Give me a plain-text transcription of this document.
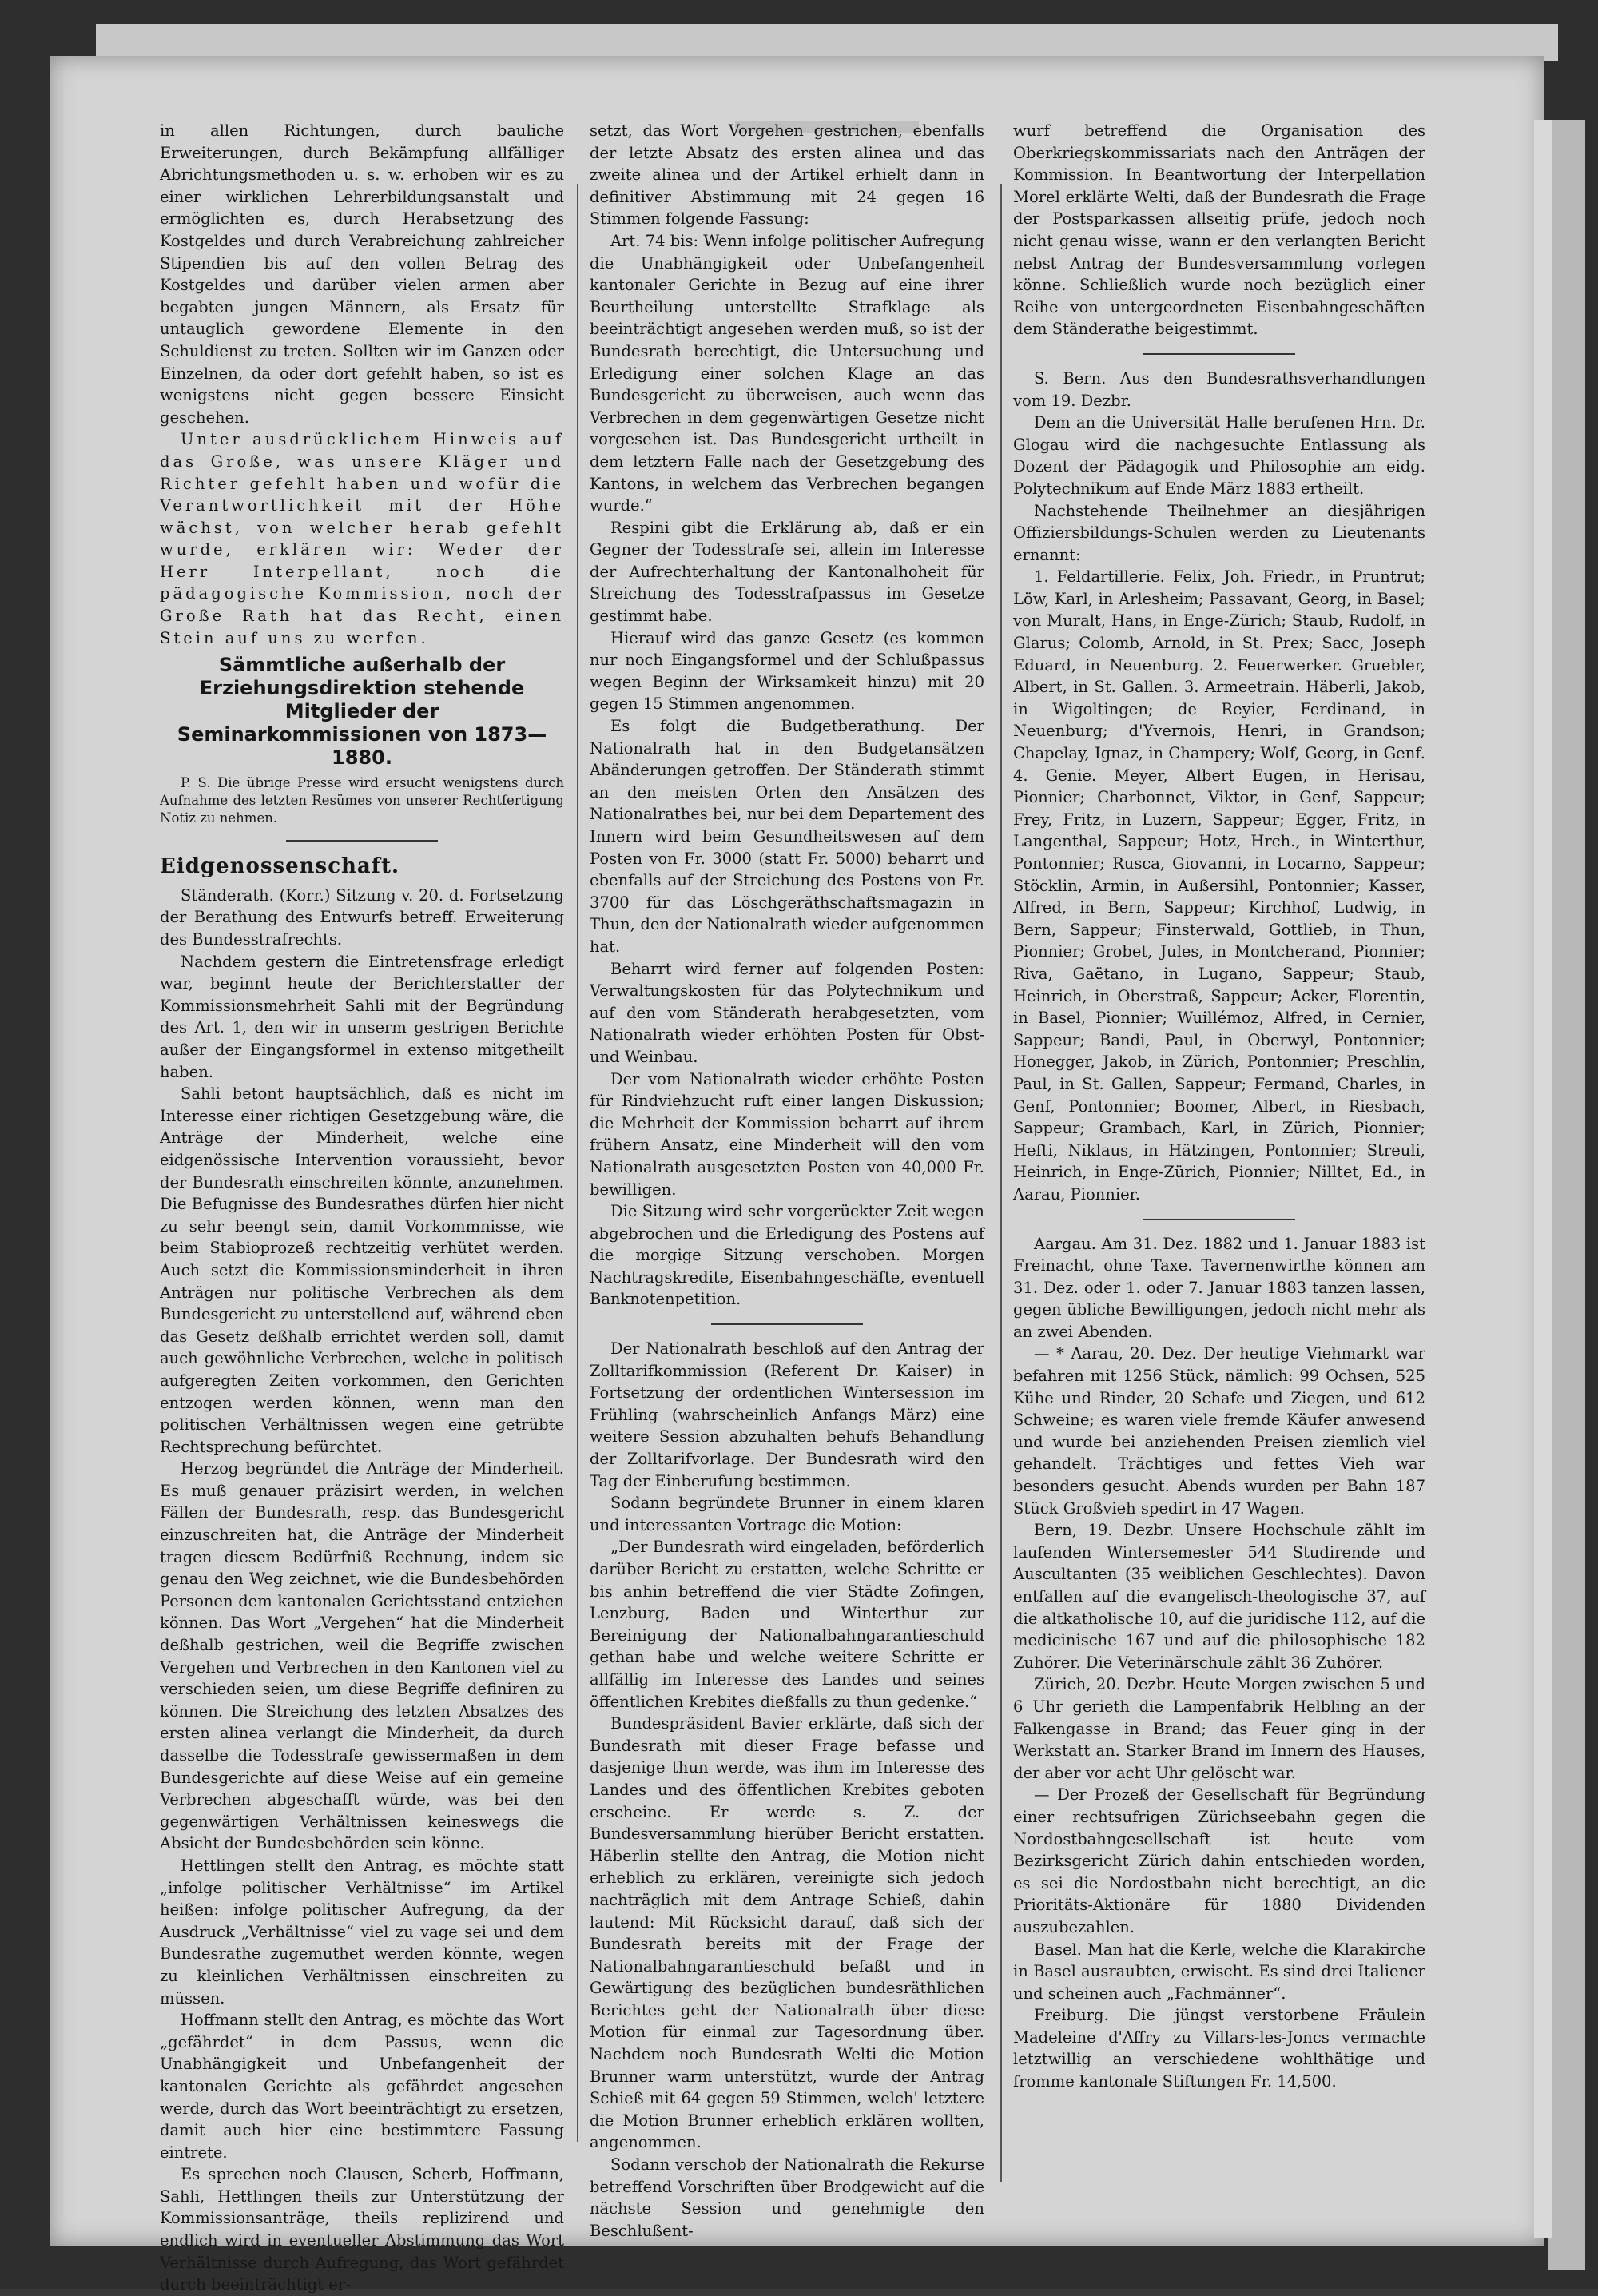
in allen Richtungen, durch bauliche Erweiterungen, durch Bekämpfung allfälliger Abrichtungsmethoden u. s. w. erhoben wir es zu einer wirklichen Lehrerbildungsanstalt und ermöglichten es, durch Herabsetzung des Kostgeldes und durch Verabreichung zahlreicher Stipendien bis auf den vollen Betrag des Kostgeldes und darüber vielen armen aber begabten jungen Männern, als Ersatz für untauglich gewordene Elemente in den Schuldienst zu treten. Sollten wir im Ganzen oder Einzelnen, da oder dort gefehlt haben, so ist es wenigstens nicht gegen bessere Einsicht geschehen.

Unter ausdrücklichem Hinweis auf das Große, was unsere Kläger und Richter gefehlt haben und wofür die Verantwortlichkeit mit der Höhe wächst, von welcher herab gefehlt wurde, erklären wir: Weder der Herr Interpellant, noch die pädagogische Kommission, noch der Große Rath hat das Recht, einen Stein auf uns zu werfen.

Sämmtliche außerhalb der Erziehungsdirektion stehende Mitglieder der Seminarkommissionen von 1873—1880.

P. S. Die übrige Presse wird ersucht wenigstens durch Aufnahme des letzten Resümes von unserer Rechtfertigung Notiz zu nehmen.

Eidgenossenschaft.

Ständerath. (Korr.) Sitzung v. 20. d. Fortsetzung der Berathung des Entwurfs betreff. Erweiterung des Bundesstrafrechts.

Nachdem gestern die Eintretensfrage erledigt war, beginnt heute der Berichterstatter der Kommissionsmehrheit Sahli mit der Begründung des Art. 1, den wir in unserm gestrigen Berichte außer der Eingangsformel in extenso mitgetheilt haben.

Sahli betont hauptsächlich, daß es nicht im Interesse einer richtigen Gesetzgebung wäre, die Anträge der Minderheit, welche eine eidgenössische Intervention voraussieht, bevor der Bundesrath einschreiten könnte, anzunehmen. Die Befugnisse des Bundesrathes dürfen hier nicht zu sehr beengt sein, damit Vorkommnisse, wie beim Stabioprozeß rechtzeitig verhütet werden. Auch setzt die Kommissionsminderheit in ihren Anträgen nur politische Verbrechen als dem Bundesgericht zu unterstellend auf, während eben das Gesetz deßhalb errichtet werden soll, damit auch gewöhnliche Verbrechen, welche in politisch aufgeregten Zeiten vorkommen, den Gerichten entzogen werden können, wenn man den politischen Verhältnissen wegen eine getrübte Rechtsprechung befürchtet.

Herzog begründet die Anträge der Minderheit. Es muß genauer präzisirt werden, in welchen Fällen der Bundesrath, resp. das Bundesgericht einzuschreiten hat, die Anträge der Minderheit tragen diesem Bedürfniß Rechnung, indem sie genau den Weg zeichnet, wie die Bundesbehörden Personen dem kantonalen Gerichtsstand entziehen können. Das Wort „Vergehen“ hat die Minderheit deßhalb gestrichen, weil die Begriffe zwischen Vergehen und Verbrechen in den Kantonen viel zu verschieden seien, um diese Begriffe definiren zu können. Die Streichung des letzten Absatzes des ersten alinea verlangt die Minderheit, da durch dasselbe die Todesstrafe gewissermaßen in dem Bundesgerichte auf diese Weise auf ein gemeine Verbrechen abgeschafft würde, was bei den gegenwärtigen Verhältnissen keineswegs die Absicht der Bundesbehörden sein könne.

Hettlingen stellt den Antrag, es möchte statt „infolge politischer Verhältnisse“ im Artikel heißen: infolge politischer Aufregung, da der Ausdruck „Verhältnisse“ viel zu vage sei und dem Bundesrathe zugemuthet werden könnte, wegen zu kleinlichen Verhältnissen einschreiten zu müssen.

Hoffmann stellt den Antrag, es möchte das Wort „gefährdet“ in dem Passus, wenn die Unabhängigkeit und Unbefangenheit der kantonalen Gerichte als gefährdet angesehen werde, durch das Wort beeinträchtigt zu ersetzen, damit auch hier eine bestimmtere Fassung eintrete.

Es sprechen noch Clausen, Scherb, Hoffmann, Sahli, Hettlingen theils zur Unterstützung der Kommissionsanträge, theils replizirend und endlich wird in eventueller Abstimmung das Wort Verhältnisse durch Aufregung, das Wort gefährdet durch beeinträchtigt er-

setzt, das Wort Vorgehen gestrichen, ebenfalls der letzte Absatz des ersten alinea und das zweite alinea und der Artikel erhielt dann in definitiver Abstimmung mit 24 gegen 16 Stimmen folgende Fassung:

Art. 74 bis: Wenn infolge politischer Aufregung die Unabhängigkeit oder Unbefangenheit kantonaler Gerichte in Bezug auf eine ihrer Beurtheilung unterstellte Strafklage als beeinträchtigt angesehen werden muß, so ist der Bundesrath berechtigt, die Untersuchung und Erledigung einer solchen Klage an das Bundesgericht zu überweisen, auch wenn das Verbrechen in dem gegenwärtigen Gesetze nicht vorgesehen ist. Das Bundesgericht urtheilt in dem letztern Falle nach der Gesetzgebung des Kantons, in welchem das Verbrechen begangen wurde.“

Respini gibt die Erklärung ab, daß er ein Gegner der Todesstrafe sei, allein im Interesse der Aufrechterhaltung der Kantonalhoheit für Streichung des Todesstrafpassus im Gesetze gestimmt habe.

Hierauf wird das ganze Gesetz (es kommen nur noch Eingangsformel und der Schlußpassus wegen Beginn der Wirksamkeit hinzu) mit 20 gegen 15 Stimmen angenommen.

Es folgt die Budgetberathung. Der Nationalrath hat in den Budgetansätzen Abänderungen getroffen. Der Ständerath stimmt an den meisten Orten den Ansätzen des Nationalrathes bei, nur bei dem Departement des Innern wird beim Gesundheitswesen auf dem Posten von Fr. 3000 (statt Fr. 5000) beharrt und ebenfalls auf der Streichung des Postens von Fr. 3700 für das Löschgeräthschaftsmagazin in Thun, den der Nationalrath wieder aufgenommen hat.

Beharrt wird ferner auf folgenden Posten: Verwaltungskosten für das Polytechnikum und auf den vom Ständerath herabgesetzten, vom Nationalrath wieder erhöhten Posten für Obst- und Weinbau.

Der vom Nationalrath wieder erhöhte Posten für Rindviehzucht ruft einer langen Diskussion; die Mehrheit der Kommission beharrt auf ihrem frühern Ansatz, eine Minderheit will den vom Nationalrath ausgesetzten Posten von 40,000 Fr. bewilligen.

Die Sitzung wird sehr vorgerückter Zeit wegen abgebrochen und die Erledigung des Postens auf die morgige Sitzung verschoben. Morgen Nachtragskredite, Eisenbahngeschäfte, eventuell Banknotenpetition.

Der Nationalrath beschloß auf den Antrag der Zolltarifkommission (Referent Dr. Kaiser) in Fortsetzung der ordentlichen Wintersession im Frühling (wahrscheinlich Anfangs März) eine weitere Session abzuhalten behufs Behandlung der Zolltarifvorlage. Der Bundesrath wird den Tag der Einberufung bestimmen.

Sodann begründete Brunner in einem klaren und interessanten Vortrage die Motion:

„Der Bundesrath wird eingeladen, beförderlich darüber Bericht zu erstatten, welche Schritte er bis anhin betreffend die vier Städte Zofingen, Lenzburg, Baden und Winterthur zur Bereinigung der Nationalbahngarantieschuld gethan habe und welche weitere Schritte er allfällig im Interesse des Landes und seines öffentlichen Krebites dießfalls zu thun gedenke.“

Bundespräsident Bavier erklärte, daß sich der Bundesrath mit dieser Frage befasse und dasjenige thun werde, was ihm im Interesse des Landes und des öffentlichen Krebites geboten erscheine. Er werde s. Z. der Bundesversammlung hierüber Bericht erstatten. Häberlin stellte den Antrag, die Motion nicht erheblich zu erklären, vereinigte sich jedoch nachträglich mit dem Antrage Schieß, dahin lautend: Mit Rücksicht darauf, daß sich der Bundesrath bereits mit der Frage der Nationalbahngarantieschuld befaßt und in Gewärtigung des bezüglichen bundesräthlichen Berichtes geht der Nationalrath über diese Motion für einmal zur Tagesordnung über. Nachdem noch Bundesrath Welti die Motion Brunner warm unterstützt, wurde der Antrag Schieß mit 64 gegen 59 Stimmen, welch' letztere die Motion Brunner erheblich erklären wollten, angenommen.

Sodann verschob der Nationalrath die Rekurse betreffend Vorschriften über Brodgewicht auf die nächste Session und genehmigte den Beschlußent-

wurf betreffend die Organisation des Oberkriegskommissariats nach den Anträgen der Kommission. In Beantwortung der Interpellation Morel erklärte Welti, daß der Bundesrath die Frage der Postsparkassen allseitig prüfe, jedoch noch nicht genau wisse, wann er den verlangten Bericht nebst Antrag der Bundesversammlung vorlegen könne. Schließlich wurde noch bezüglich einer Reihe von untergeordneten Eisenbahngeschäften dem Ständerathe beigestimmt.

S. Bern. Aus den Bundesrathsverhandlungen vom 19. Dezbr.

Dem an die Universität Halle berufenen Hrn. Dr. Glogau wird die nachgesuchte Entlassung als Dozent der Pädagogik und Philosophie am eidg. Polytechnikum auf Ende März 1883 ertheilt.

Nachstehende Theilnehmer an diesjährigen Offiziersbildungs-Schulen werden zu Lieutenants ernannt:

1. Feldartillerie. Felix, Joh. Friedr., in Pruntrut; Löw, Karl, in Arlesheim; Passavant, Georg, in Basel; von Muralt, Hans, in Enge-Zürich; Staub, Rudolf, in Glarus; Colomb, Arnold, in St. Prex; Sacc, Joseph Eduard, in Neuenburg. 2. Feuerwerker. Gruebler, Albert, in St. Gallen. 3. Armeetrain. Häberli, Jakob, in Wigoltingen; de Reyier, Ferdinand, in Neuenburg; d'Yvernois, Henri, in Grandson; Chapelay, Ignaz, in Champery; Wolf, Georg, in Genf. 4. Genie. Meyer, Albert Eugen, in Herisau, Pionnier; Charbonnet, Viktor, in Genf, Sappeur; Frey, Fritz, in Luzern, Sappeur; Egger, Fritz, in Langenthal, Sappeur; Hotz, Hrch., in Winterthur, Pontonnier; Rusca, Giovanni, in Locarno, Sappeur; Stöcklin, Armin, in Außersihl, Pontonnier; Kasser, Alfred, in Bern, Sappeur; Kirchhof, Ludwig, in Bern, Sappeur; Finsterwald, Gottlieb, in Thun, Pionnier; Grobet, Jules, in Montcherand, Pionnier; Riva, Gaëtano, in Lugano, Sappeur; Staub, Heinrich, in Oberstraß, Sappeur; Acker, Florentin, in Basel, Pionnier; Wuillémoz, Alfred, in Cernier, Sappeur; Bandi, Paul, in Oberwyl, Pontonnier; Honegger, Jakob, in Zürich, Pontonnier; Preschlin, Paul, in St. Gallen, Sappeur; Fermand, Charles, in Genf, Pontonnier; Boomer, Albert, in Riesbach, Sappeur; Grambach, Karl, in Zürich, Pionnier; Hefti, Niklaus, in Hätzingen, Pontonnier; Streuli, Heinrich, in Enge-Zürich, Pionnier; Nilltet, Ed., in Aarau, Pionnier.

Aargau. Am 31. Dez. 1882 und 1. Januar 1883 ist Freinacht, ohne Taxe. Tavernenwirthe können am 31. Dez. oder 1. oder 7. Januar 1883 tanzen lassen, gegen übliche Bewilligungen, jedoch nicht mehr als an zwei Abenden.

— * Aarau, 20. Dez. Der heutige Viehmarkt war befahren mit 1256 Stück, nämlich: 99 Ochsen, 525 Kühe und Rinder, 20 Schafe und Ziegen, und 612 Schweine; es waren viele fremde Käufer anwesend und wurde bei anziehenden Preisen ziemlich viel gehandelt. Trächtiges und fettes Vieh war besonders gesucht. Abends wurden per Bahn 187 Stück Großvieh spedirt in 47 Wagen.

Bern, 19. Dezbr. Unsere Hochschule zählt im laufenden Wintersemester 544 Studirende und Auscultanten (35 weiblichen Geschlechtes). Davon entfallen auf die evangelisch-theologische 37, auf die altkatholische 10, auf die juridische 112, auf die medicinische 167 und auf die philosophische 182 Zuhörer. Die Veterinärschule zählt 36 Zuhörer.

Zürich, 20. Dezbr. Heute Morgen zwischen 5 und 6 Uhr gerieth die Lampenfabrik Helbling an der Falkengasse in Brand; das Feuer ging in der Werkstatt an. Starker Brand im Innern des Hauses, der aber vor acht Uhr gelöscht war.

— Der Prozeß der Gesellschaft für Begründung einer rechtsufrigen Zürichseebahn gegen die Nordostbahngesellschaft ist heute vom Bezirksgericht Zürich dahin entschieden worden, es sei die Nordostbahn nicht berechtigt, an die Prioritäts-Aktionäre für 1880 Dividenden auszubezahlen.

Basel. Man hat die Kerle, welche die Klarakirche in Basel ausraubten, erwischt. Es sind drei Italiener und scheinen auch „Fachmänner“.

Freiburg. Die jüngst verstorbene Fräulein Madeleine d'Affry zu Villars-les-Joncs vermachte letztwillig an verschiedene wohlthätige und fromme kantonale Stiftungen Fr. 14,500.
